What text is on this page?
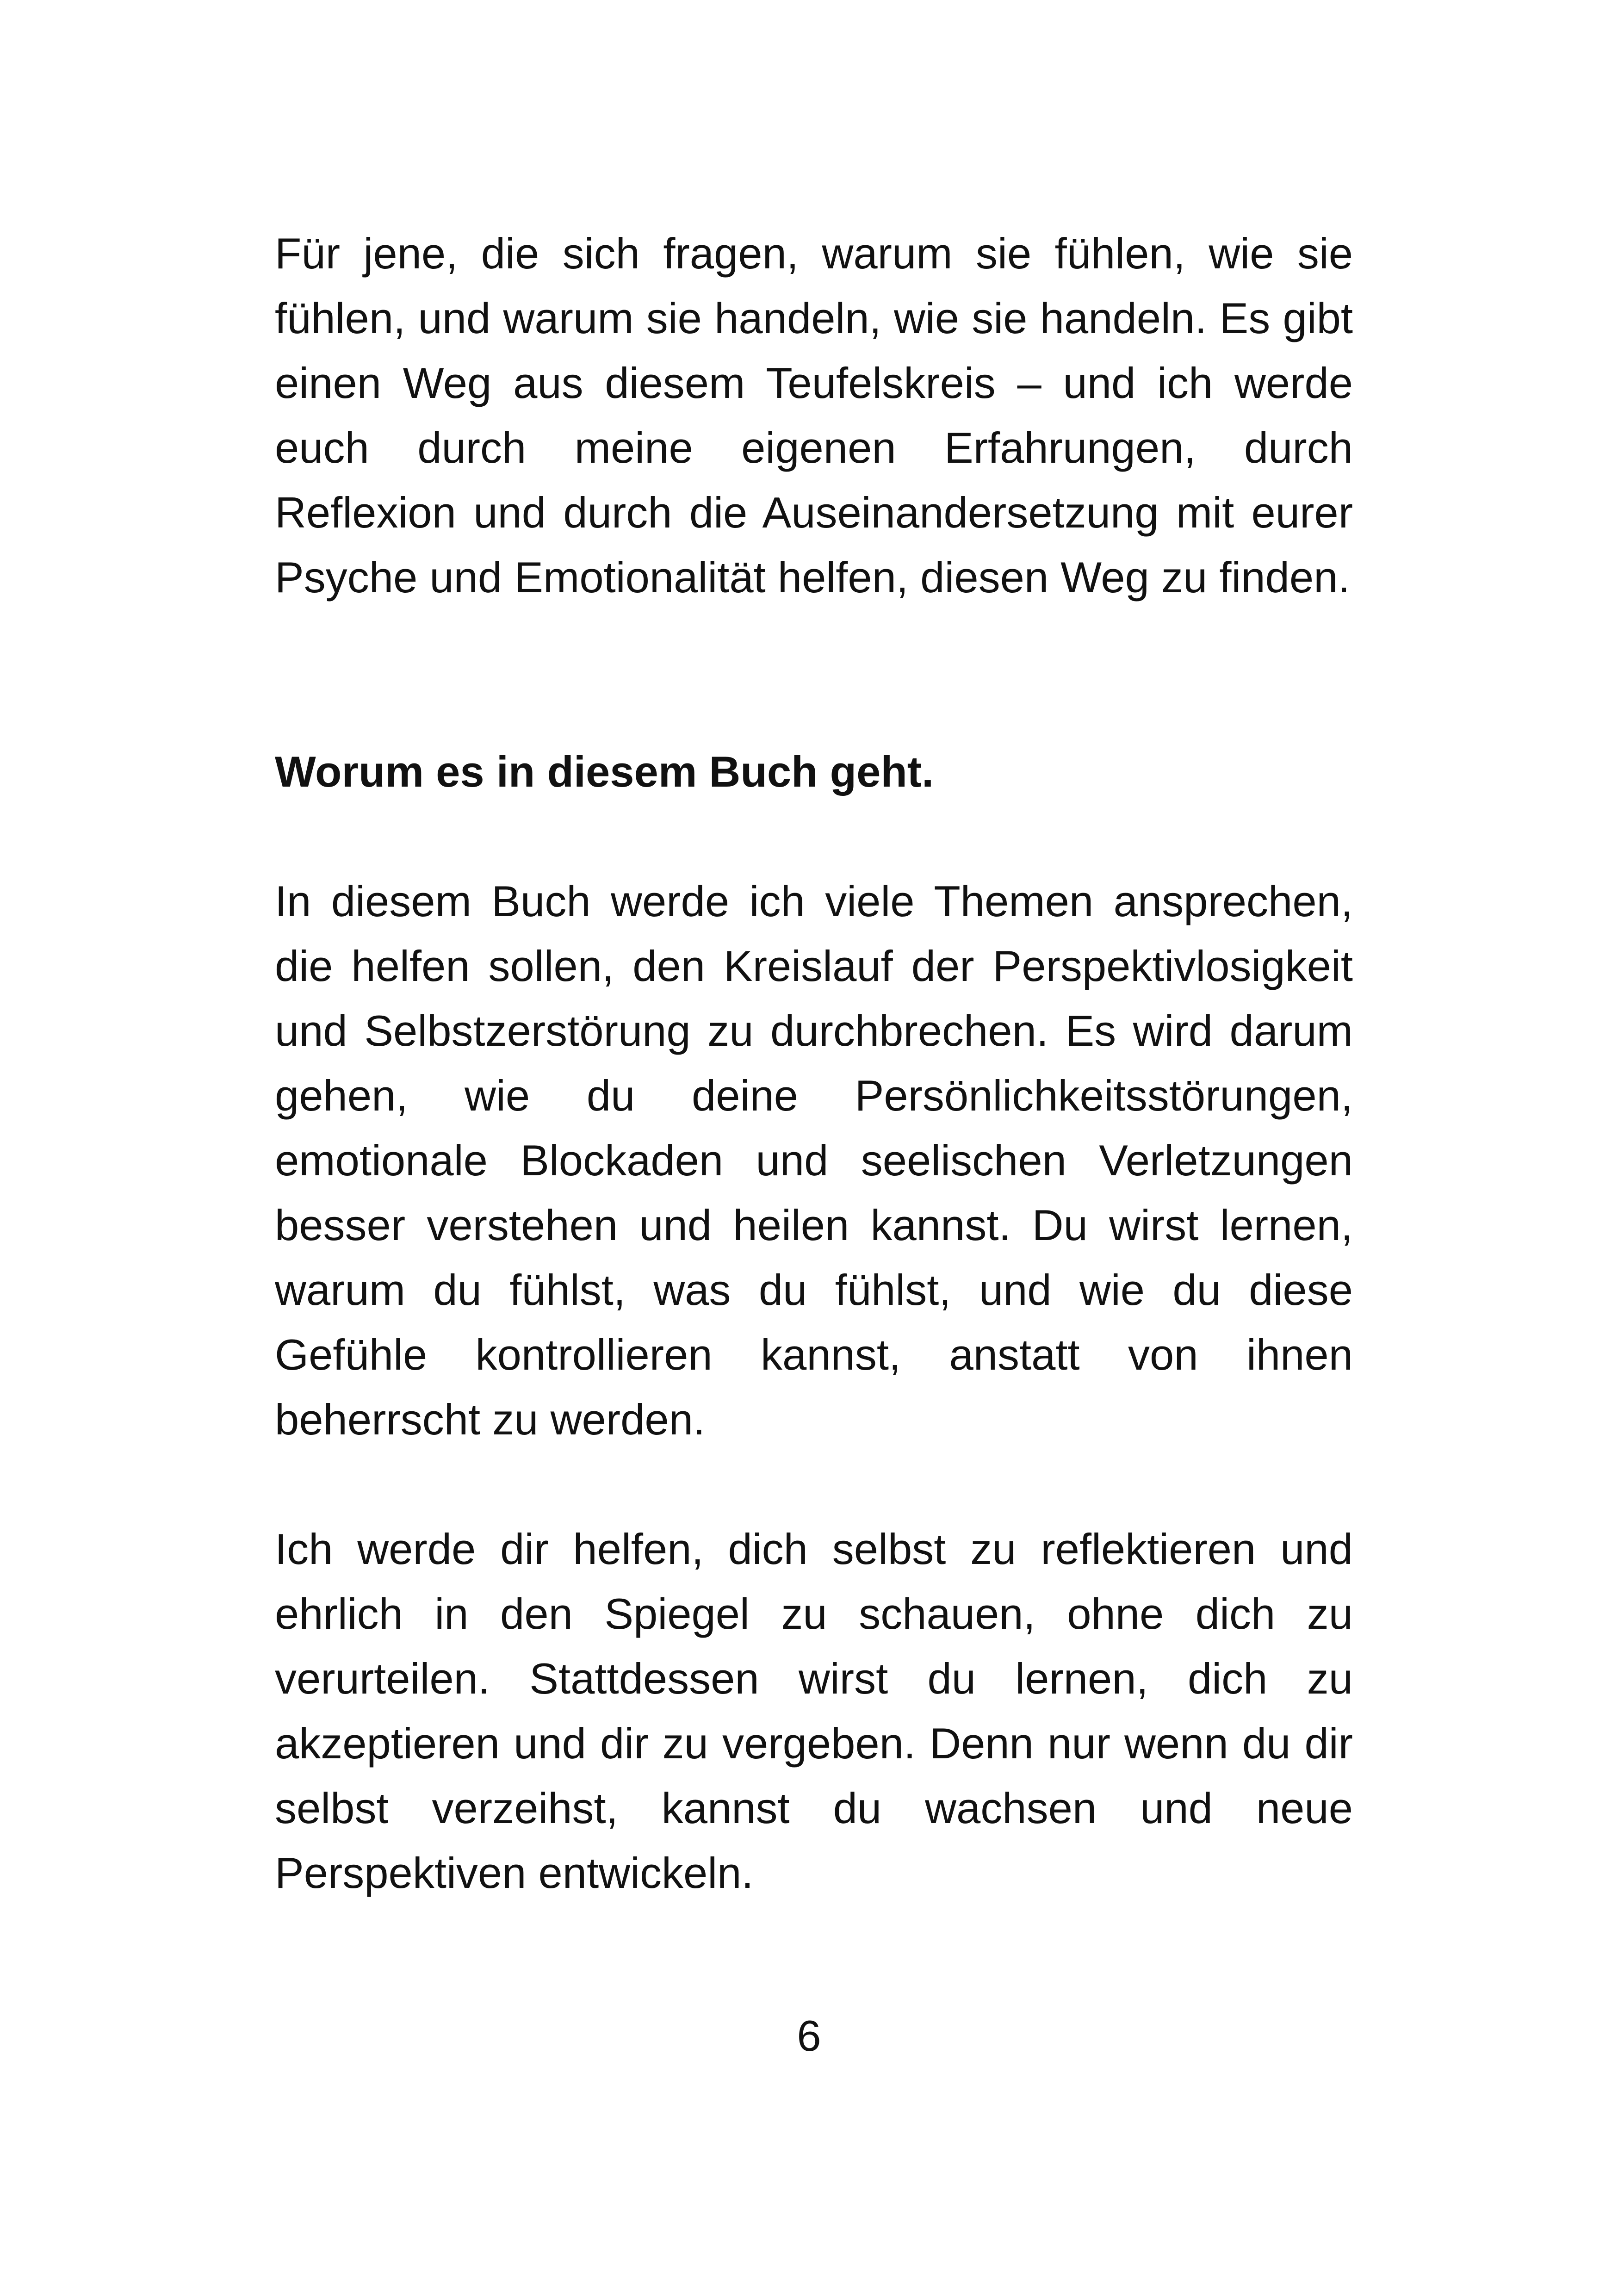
Für jene, die sich fragen, warum sie fühlen, wie sie fühlen, und warum sie handeln, wie sie handeln. Es gibt einen Weg aus diesem Teufelskreis – und ich werde euch durch meine eigenen Erfahrungen, durch Reflexion und durch die Auseinandersetzung mit eurer Psyche und Emotionalität helfen, diesen Weg zu finden.

Worum es in diesem Buch geht.

In diesem Buch werde ich viele Themen ansprechen, die helfen sollen, den Kreislauf der Perspektivlosigkeit und Selbstzerstörung zu durchbrechen. Es wird darum gehen, wie du deine Persönlichkeitsstörungen, emotionale Blockaden und seelischen Verletzungen besser verstehen und heilen kannst. Du wirst lernen, warum du fühlst, was du fühlst, und wie du diese Gefühle kontrollieren kannst, anstatt von ihnen beherrscht zu werden.

Ich werde dir helfen, dich selbst zu reflektieren und ehrlich in den Spiegel zu schauen, ohne dich zu verurteilen. Stattdessen wirst du lernen, dich zu akzeptieren und dir zu vergeben. Denn nur wenn du dir selbst verzeihst, kannst du wachsen und neue Perspektiven entwickeln.

6
